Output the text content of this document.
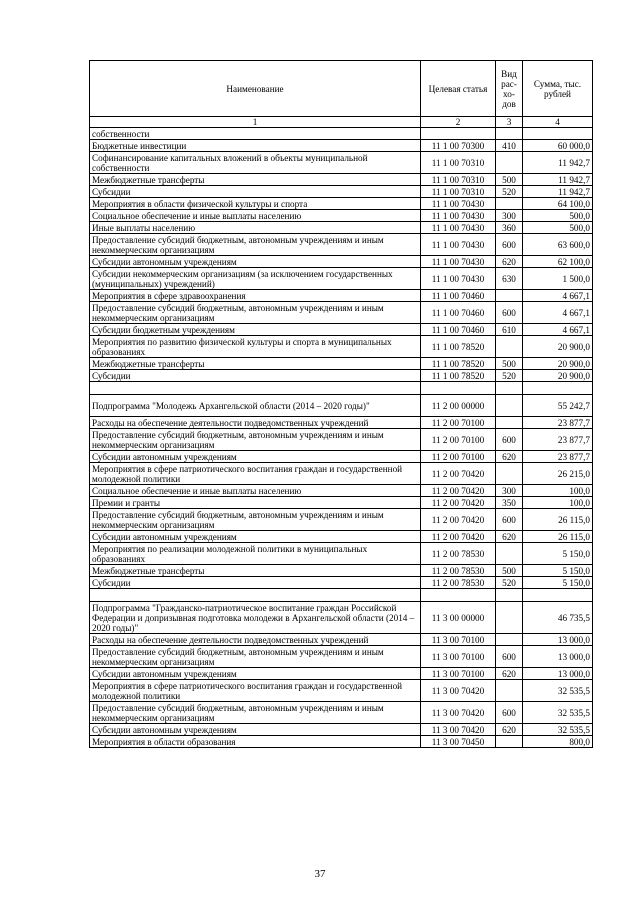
Наименование	Целевая статья	Вид рас-хо-дов	Сумма, тыс. рублей
1	2	3	4
собственности			
Бюджетные инвестиции	11 1 00 70300	410	60 000,0
Софинансирование капитальных вложений в объекты муниципальной собственности	11 1 00 70310		11 942,7
Межбюджетные трансферты	11 1 00 70310	500	11 942,7
Субсидии	11 1 00 70310	520	11 942,7
Мероприятия в области физической культуры и спорта	11 1 00 70430		64 100,0
Социальное обеспечение и иные выплаты населению	11 1 00 70430	300	500,0
Иные выплаты населению	11 1 00 70430	360	500,0
Предоставление субсидий бюджетным, автономным учреждениям и иным некоммерческим организациям	11 1 00 70430	600	63 600,0
Субсидии автономным учреждениям	11 1 00 70430	620	62 100,0
Субсидии некоммерческим организациям (за исключением государственных (муниципальных) учреждений)	11 1 00 70430	630	1 500,0
Мероприятия в сфере здравоохранения	11 1 00 70460		4 667,1
Предоставление субсидий бюджетным, автономным учреждениям и иным некоммерческим организациям	11 1 00 70460	600	4 667,1
Субсидии бюджетным учреждениям	11 1 00 70460	610	4 667,1
Мероприятия по развитию физической культуры и спорта в муниципальных образованиях	11 1 00 78520		20 900,0
Межбюджетные трансферты	11 1 00 78520	500	20 900,0
Субсидии	11 1 00 78520	520	20 900,0

Подпрограмма "Молодежь Архангельской области (2014 – 2020 годы)"	11 2 00 00000		55 242,7
Расходы на обеспечение деятельности подведомственных учреждений	11 2 00 70100		23 877,7
Предоставление субсидий бюджетным, автономным учреждениям и иным некоммерческим организациям	11 2 00 70100	600	23 877,7
Субсидии автономным учреждениям	11 2 00 70100	620	23 877,7
Мероприятия в сфере патриотического воспитания граждан и государственной молодежной политики	11 2 00 70420		26 215,0
Социальное обеспечение и иные выплаты населению	11 2 00 70420	300	100,0
Премии и гранты	11 2 00 70420	350	100,0
Предоставление субсидий бюджетным, автономным учреждениям и иным некоммерческим организациям	11 2 00 70420	600	26 115,0
Субсидии автономным учреждениям	11 2 00 70420	620	26 115,0
Мероприятия по реализации молодежной политики в муниципальных образованиях	11 2 00 78530		5 150,0
Межбюджетные трансферты	11 2 00 78530	500	5 150,0
Субсидии	11 2 00 78530	520	5 150,0

Подпрограмма "Гражданско-патриотическое воспитание граждан Российской Федерации и допризывная подготовка молодежи в Архангельской области (2014 – 2020 годы)"	11 3 00 00000		46 735,5
Расходы на обеспечение деятельности подведомственных учреждений	11 3 00 70100		13 000,0
Предоставление субсидий бюджетным, автономным учреждениям и иным некоммерческим организациям	11 3 00 70100	600	13 000,0
Субсидии автономным учреждениям	11 3 00 70100	620	13 000,0
Мероприятия в сфере патриотического воспитания граждан и государственной молодежной политики	11 3 00 70420		32 535,5
Предоставление субсидий бюджетным, автономным учреждениям и иным некоммерческим организациям	11 3 00 70420	600	32 535,5
Субсидии автономным учреждениям	11 3 00 70420	620	32 535,5
Мероприятия в области образования	11 3 00 70450		800,0
37
